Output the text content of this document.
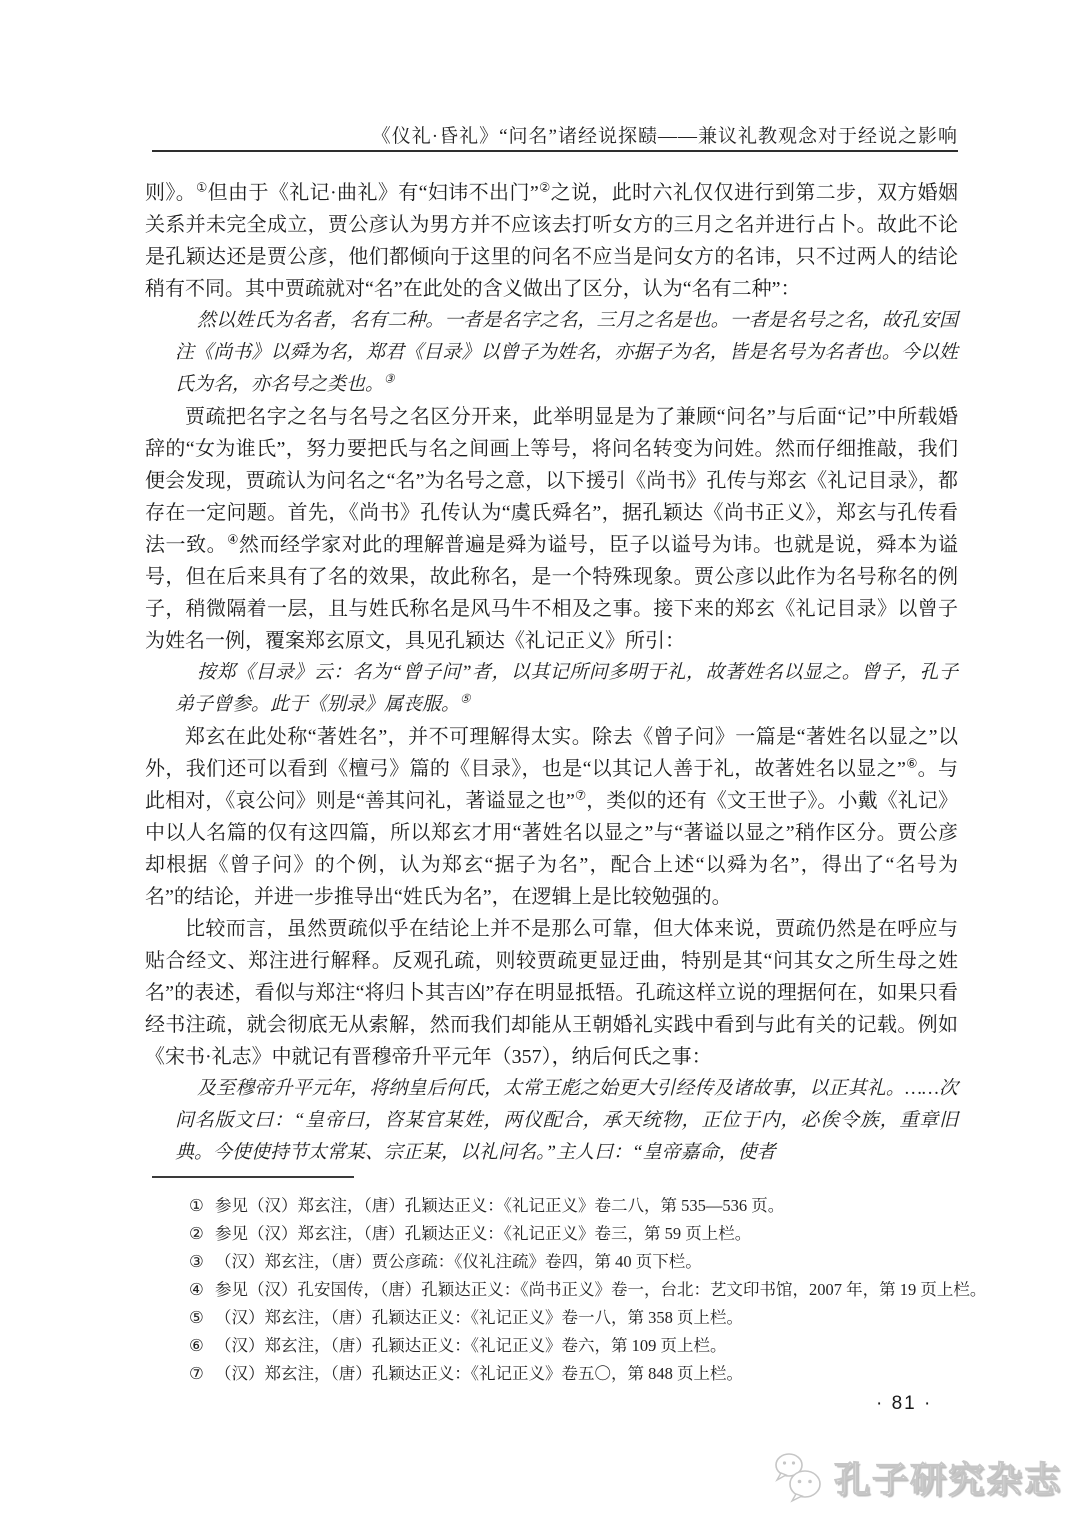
《仪礼·昏礼》“问名”诸经说探赜——兼议礼教观念对于经说之影响

则》。①但由于《礼记·曲礼》有“妇讳不出门”②之说，此时六礼仅仅进行到第二步，双方婚姻关系并未完全成立，贾公彦认为男方并不应该去打听女方的三月之名并进行占卜。故此不论是孔颖达还是贾公彦，他们都倾向于这里的问名不应当是问女方的名讳，只不过两人的结论稍有不同。其中贾疏就对“名”在此处的含义做出了区分，认为“名有二种”：

然以姓氏为名者，名有二种。一者是名字之名，三月之名是也。一者是名号之名，故孔安国注《尚书》以舜为名，郑君《目录》以曾子为姓名，亦据子为名，皆是名号为名者也。今以姓氏为名，亦名号之类也。③

贾疏把名字之名与名号之名区分开来，此举明显是为了兼顾“问名”与后面“记”中所载婚辞的“女为谁氏”，努力要把氏与名之间画上等号，将问名转变为问姓。然而仔细推敲，我们便会发现，贾疏认为问名之“名”为名号之意，以下援引《尚书》孔传与郑玄《礼记目录》，都存在一定问题。首先，《尚书》孔传认为“虞氏舜名”，据孔颖达《尚书正义》，郑玄与孔传看法一致。④然而经学家对此的理解普遍是舜为谥号，臣子以谥号为讳。也就是说，舜本为谥号，但在后来具有了名的效果，故此称名，是一个特殊现象。贾公彦以此作为名号称名的例子，稍微隔着一层，且与姓氏称名是风马牛不相及之事。接下来的郑玄《礼记目录》以曾子为姓名一例，覆案郑玄原文，具见孔颖达《礼记正义》所引：

按郑《目录》云：名为“曾子问”者，以其记所问多明于礼，故著姓名以显之。曾子，孔子弟子曾参。此于《别录》属丧服。⑤

郑玄在此处称“著姓名”，并不可理解得太实。除去《曾子问》一篇是“著姓名以显之”以外，我们还可以看到《檀弓》篇的《目录》，也是“以其记人善于礼，故著姓名以显之”⑥。与此相对，《哀公问》则是“善其问礼，著谥显之也”⑦，类似的还有《文王世子》。小戴《礼记》中以人名篇的仅有这四篇，所以郑玄才用“著姓名以显之”与“著谥以显之”稍作区分。贾公彦却根据《曾子问》的个例，认为郑玄“据子为名”，配合上述“以舜为名”，得出了“名号为名”的结论，并进一步推导出“姓氏为名”，在逻辑上是比较勉强的。

比较而言，虽然贾疏似乎在结论上并不是那么可靠，但大体来说，贾疏仍然是在呼应与贴合经文、郑注进行解释。反观孔疏，则较贾疏更显迂曲，特别是其“问其女之所生母之姓名”的表述，看似与郑注“将归卜其吉凶”存在明显抵牾。孔疏这样立说的理据何在，如果只看经书注疏，就会彻底无从索解，然而我们却能从王朝婚礼实践中看到与此有关的记载。例如《宋书·礼志》中就记有晋穆帝升平元年（357），纳后何氏之事：

及至穆帝升平元年，将纳皇后何氏，太常王彪之始更大引经传及诸故事，以正其礼。……次问名版文曰：“皇帝曰，咨某官某姓，两仪配合，承天统物，正位于内，必俟令族，重章旧典。今使使持节太常某、宗正某，以礼问名。”主人曰：“皇帝嘉命，使者

① 参见（汉）郑玄注，（唐）孔颖达正义：《礼记正义》卷二八，第 535—536 页。
② 参见（汉）郑玄注，（唐）孔颖达正义：《礼记正义》卷三，第 59 页上栏。
③ （汉）郑玄注，（唐）贾公彦疏：《仪礼注疏》卷四，第 40 页下栏。
④ 参见（汉）孔安国传，（唐）孔颖达正义：《尚书正义》卷一，台北：艺文印书馆，2007 年，第 19 页上栏。
⑤ （汉）郑玄注，（唐）孔颖达正义：《礼记正义》卷一八，第 358 页上栏。
⑥ （汉）郑玄注，（唐）孔颖达正义：《礼记正义》卷六，第 109 页上栏。
⑦ （汉）郑玄注，（唐）孔颖达正义：《礼记正义》卷五〇，第 848 页上栏。
· 81 ·
孔子研究杂志
